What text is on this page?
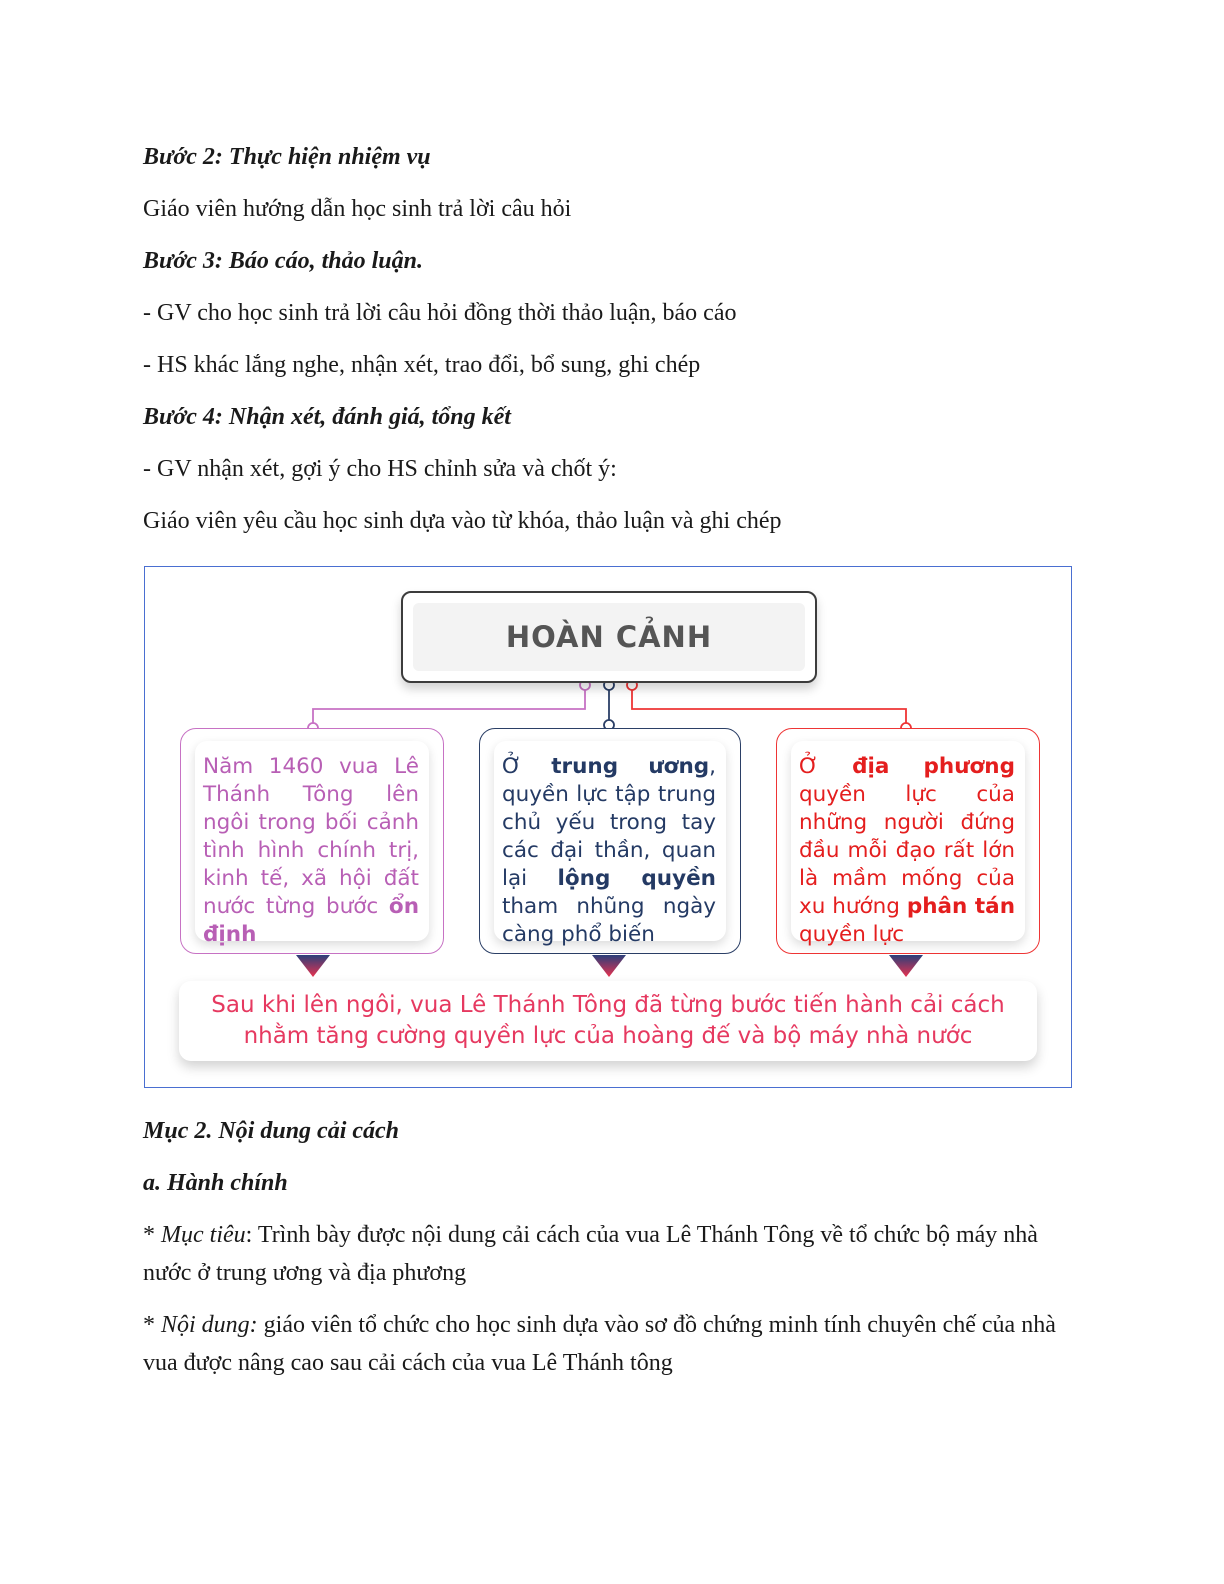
Bước 2: Thực hiện nhiệm vụ

Giáo viên hướng dẫn học sinh trả lời câu hỏi

Bước 3: Báo cáo, thảo luận.

- GV cho học sinh trả lời câu hỏi đồng thời thảo luận, báo cáo

- HS khác lắng nghe, nhận xét, trao đổi, bổ sung, ghi chép

Bước 4: Nhận xét, đánh giá, tổng kết

- GV nhận xét, gợi ý cho HS chỉnh sửa và chốt ý:

Giáo viên yêu cầu học sinh dựa vào từ khóa, thảo luận và ghi chép

HOÀN CẢNH
Năm 1460 vua Lê Thánh Tông lên ngôi trong bối cảnh tình hình chính trị, kinh tế, xã hội đất nước từng bước ổn định
Ở trung ương, quyền lực tập trung chủ yếu trong tay các đại thần, quan lại lộng quyền tham nhũng ngày càng phổ biến
Ở địa phương quyền lực của những người đứng đầu mỗi đạo rất lớn là mầm mống của xu hướng phân tán quyền lực
Sau khi lên ngôi, vua Lê Thánh Tông đã từng bước tiến hành cải cách
nhằm tăng cường quyền lực của hoàng đế và bộ máy nhà nước

Mục 2. Nội dung cải cách

a. Hành chính

* Mục tiêu: Trình bày được nội dung cải cách của vua Lê Thánh Tông về tổ chức bộ máy nhà nước ở trung ương và địa phương

* Nội dung: giáo viên tổ chức cho học sinh dựa vào sơ đồ chứng minh tính chuyên chế của nhà vua được nâng cao sau cải cách của vua Lê Thánh tông
